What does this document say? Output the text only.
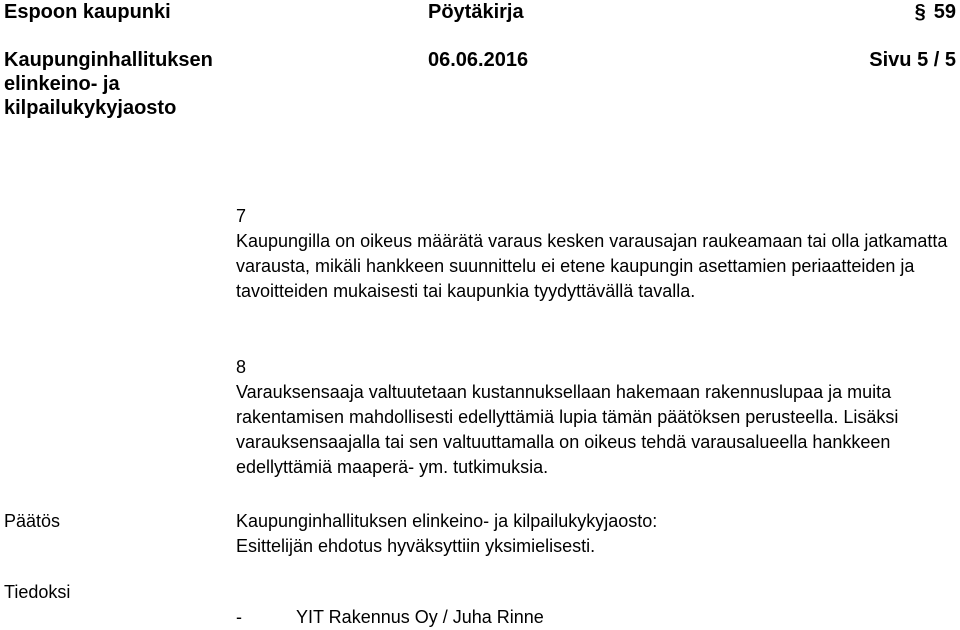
Espoon kaupunki	Pöytäkirja	§ 59
Kaupunginhallituksen elinkeino- ja kilpailukykyjaosto
06.06.2016	Sivu 5 / 5
7
Kaupungilla on oikeus määrätä varaus kesken varausajan raukeamaan tai olla jatkamatta varausta, mikäli hankkeen suunnittelu ei etene kaupungin asettamien periaatteiden ja tavoitteiden mukaisesti tai kaupunkia tyydyttävällä tavalla.
8
Varauksensaaja valtuutetaan kustannuksellaan hakemaan rakennuslupaa ja muita rakentamisen mahdollisesti edellyttämiä lupia tämän päätöksen perusteella. Lisäksi varauksensaajalla tai sen valtuuttamalla on oikeus tehdä varausalueella hankkeen edellyttämiä maaperä- ym. tutkimuksia.
Päätös	Kaupunginhallituksen elinkeino- ja kilpailukykyjaosto:
Esittelijän ehdotus hyväksyttiin yksimielisesti.
Tiedoksi
-	YIT Rakennus Oy / Juha Rinne
